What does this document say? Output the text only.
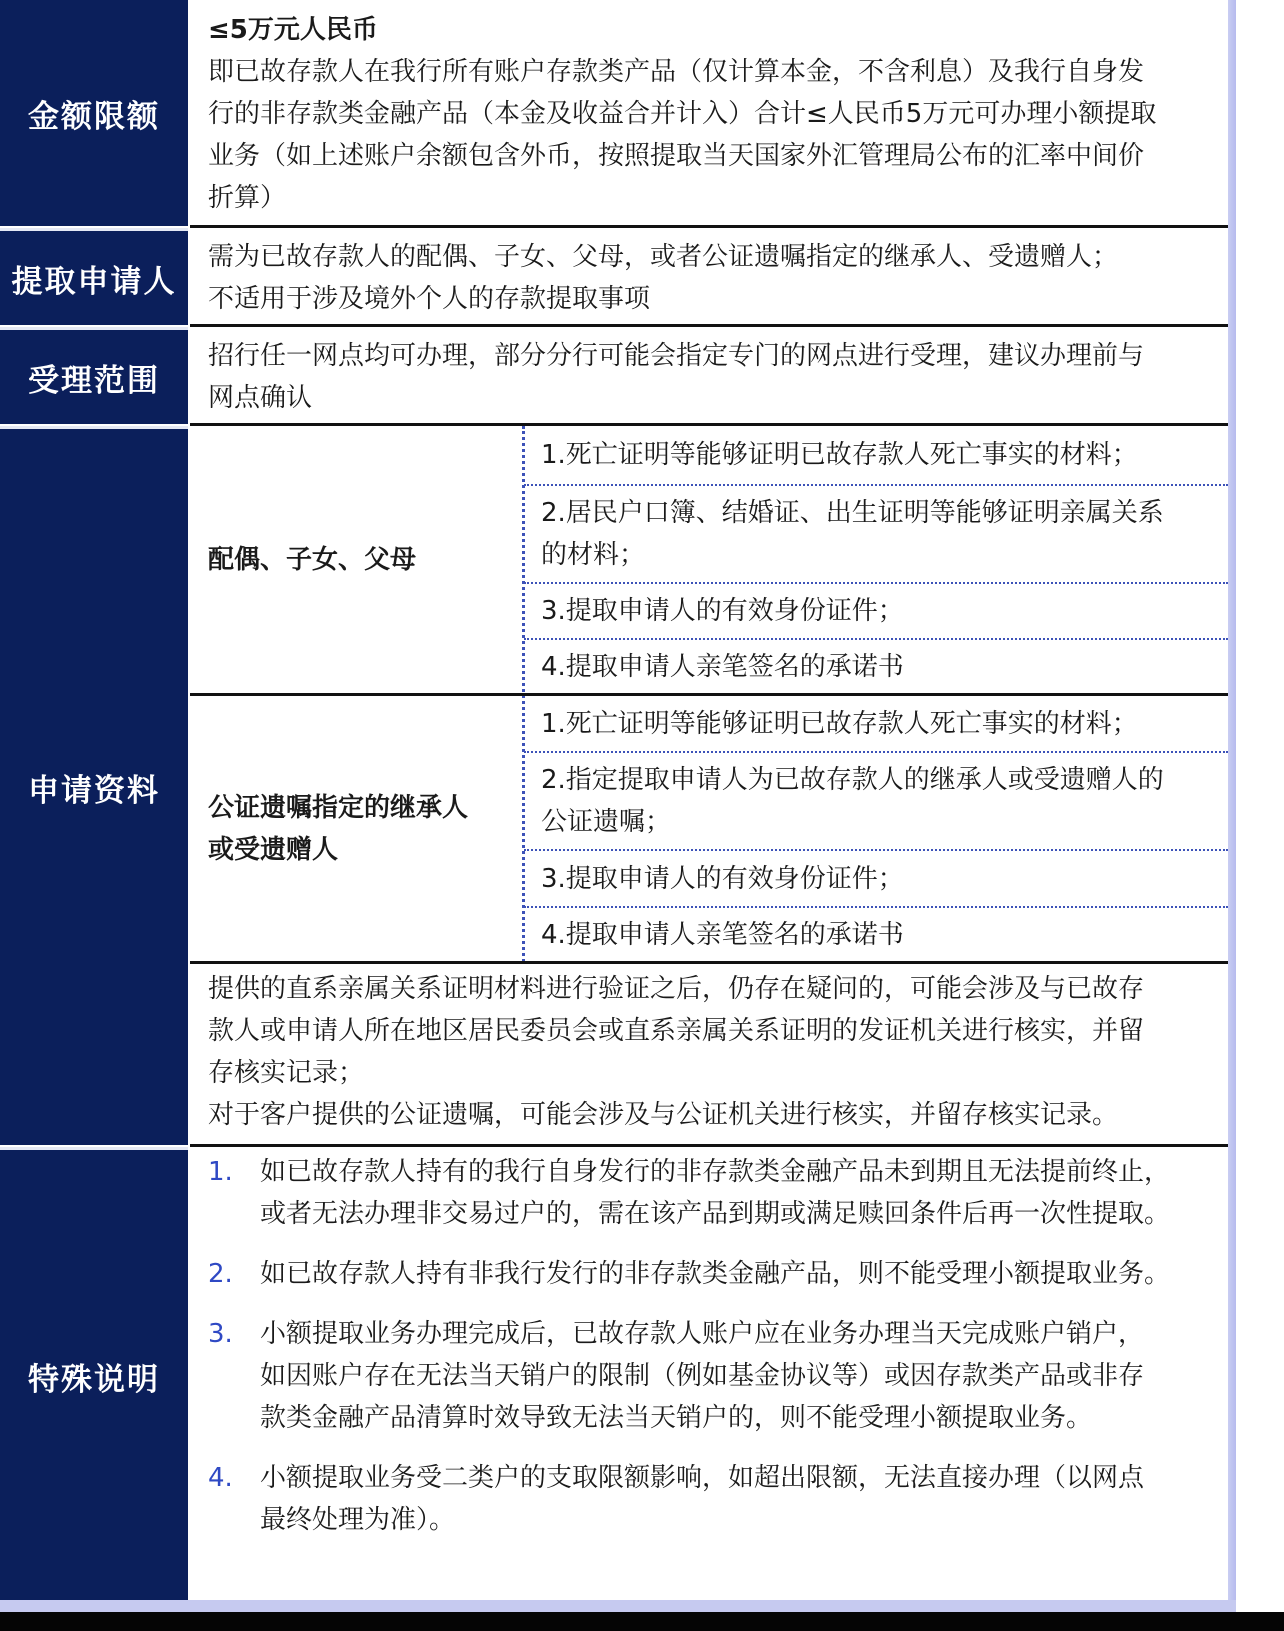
金额限额
≤5万元人民币
即已故存款人在我行所有账户存款类产品（仅计算本金，不含利息）及我行自身发
行的非存款类金融产品（本金及收益合并计入）合计≤人民币5万元可办理小额提取
业务（如上述账户余额包含外币，按照提取当天国家外汇管理局公布的汇率中间价
折算）
提取申请人
需为已故存款人的配偶、子女、父母，或者公证遗嘱指定的继承人、受遗赠人；
不适用于涉及境外个人的存款提取事项
受理范围
招行任一网点均可办理，部分分行可能会指定专门的网点进行受理，建议办理前与
网点确认
申请资料
配偶、子女、父母
1.死亡证明等能够证明已故存款人死亡事实的材料；
2.居民户口簿、结婚证、出生证明等能够证明亲属关系
的材料；
3.提取申请人的有效身份证件；
4.提取申请人亲笔签名的承诺书
公证遗嘱指定的继承人
或受遗赠人
1.死亡证明等能够证明已故存款人死亡事实的材料；
2.指定提取申请人为已故存款人的继承人或受遗赠人的
公证遗嘱；
3.提取申请人的有效身份证件；
4.提取申请人亲笔签名的承诺书
提供的直系亲属关系证明材料进行验证之后，仍存在疑问的，可能会涉及与已故存
款人或申请人所在地区居民委员会或直系亲属关系证明的发证机关进行核实，并留
存核实记录；
对于客户提供的公证遗嘱，可能会涉及与公证机关进行核实，并留存核实记录。
特殊说明
1. 如已故存款人持有的我行自身发行的非存款类金融产品未到期且无法提前终止，
或者无法办理非交易过户的，需在该产品到期或满足赎回条件后再一次性提取。
2. 如已故存款人持有非我行发行的非存款类金融产品，则不能受理小额提取业务。
3. 小额提取业务办理完成后，已故存款人账户应在业务办理当天完成账户销户，
如因账户存在无法当天销户的限制（例如基金协议等）或因存款类产品或非存
款类金融产品清算时效导致无法当天销户的，则不能受理小额提取业务。
4. 小额提取业务受二类户的支取限额影响，如超出限额，无法直接办理（以网点
最终处理为准）。
